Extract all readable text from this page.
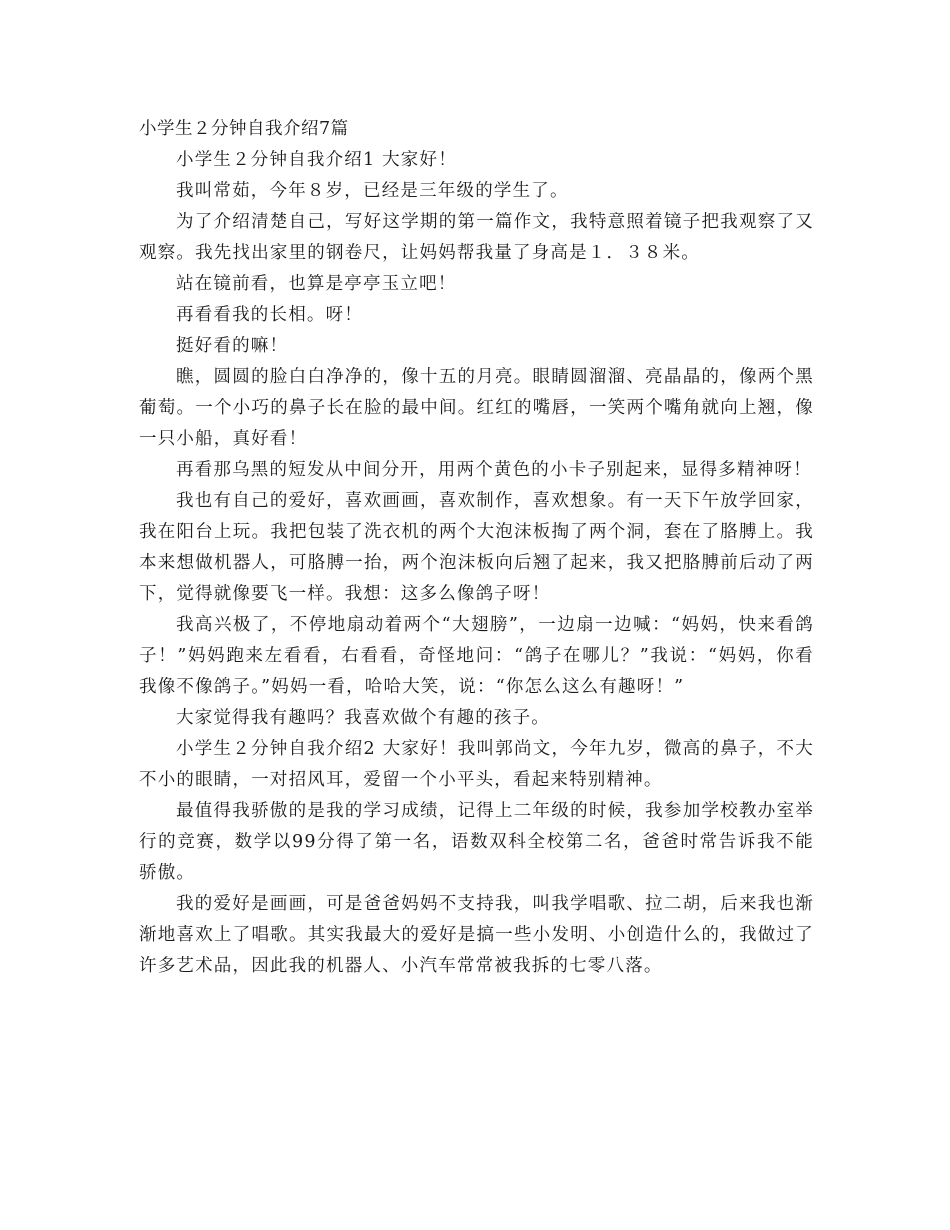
小学生２分钟自我介绍7篇

小学生２分钟自我介绍1 大家好！

我叫常茹，今年８岁，已经是三年级的学生了。

为了介绍清楚自己，写好这学期的第一篇作文，我特意照着镜子把我观察了又观察。我先找出家里的钢卷尺，让妈妈帮我量了身高是１．３８米。

站在镜前看，也算是亭亭玉立吧！

再看看我的长相。呀！

挺好看的嘛！

瞧，圆圆的脸白白净净的，像十五的月亮。眼睛圆溜溜、亮晶晶的，像两个黑葡萄。一个小巧的鼻子长在脸的最中间。红红的嘴唇，一笑两个嘴角就向上翘，像一只小船，真好看！

再看那乌黑的短发从中间分开，用两个黄色的小卡子别起来，显得多精神呀！

我也有自己的爱好，喜欢画画，喜欢制作，喜欢想象。有一天下午放学回家，我在阳台上玩。我把包装了洗衣机的两个大泡沫板掏了两个洞，套在了胳膊上。我本来想做机器人，可胳膊一抬，两个泡沫板向后翘了起来，我又把胳膊前后动了两下，觉得就像要飞一样。我想：这多么像鸽子呀！

我高兴极了，不停地扇动着两个“大翅膀”，一边扇一边喊：“妈妈，快来看鸽子！”妈妈跑来左看看，右看看，奇怪地问：“鸽子在哪儿？”我说：“妈妈，你看我像不像鸽子。”妈妈一看，哈哈大笑，说：“你怎么这么有趣呀！”

大家觉得我有趣吗？我喜欢做个有趣的孩子。

小学生２分钟自我介绍2 大家好！我叫郭尚文，今年九岁，微高的鼻子，不大不小的眼睛，一对招风耳，爱留一个小平头，看起来特别精神。

最值得我骄傲的是我的学习成绩，记得上二年级的时候，我参加学校教办室举行的竞赛，数学以99分得了第一名，语数双科全校第二名，爸爸时常告诉我不能骄傲。

我的爱好是画画，可是爸爸妈妈不支持我，叫我学唱歌、拉二胡，后来我也渐渐地喜欢上了唱歌。其实我最大的爱好是搞一些小发明、小创造什么的，我做过了许多艺术品，因此我的机器人、小汽车常常被我拆的七零八落。
